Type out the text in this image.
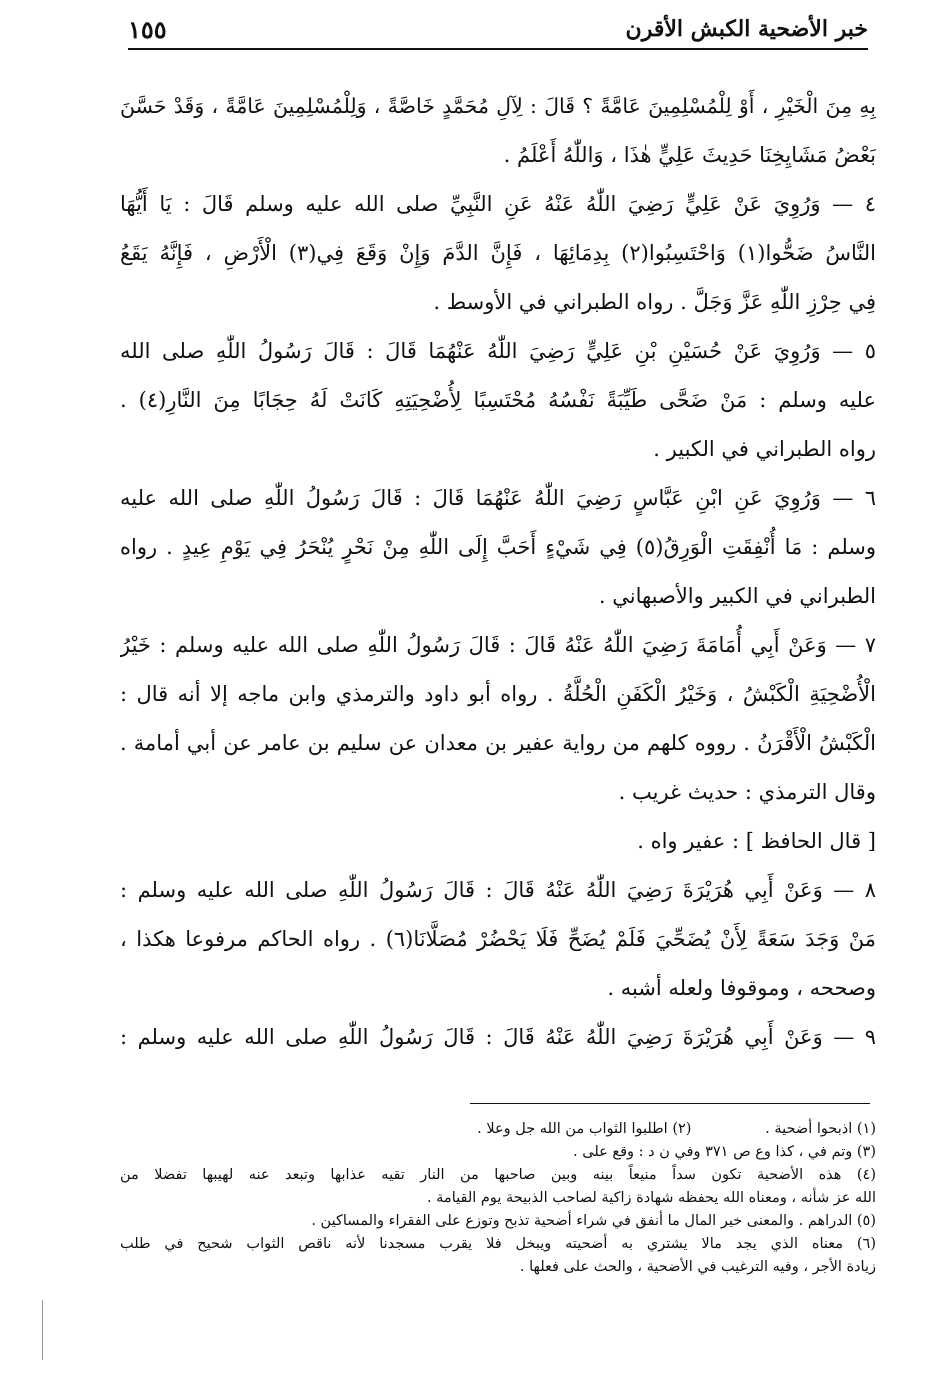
خبر الأضحية الكبش الأقرن
١٥٥
بِهِ مِنَ الْخَيْرِ ، أَوْ لِلْمُسْلِمِينَ عَامَّةً ؟ قَالَ : لِآلِ مُحَمَّدٍ خَاصَّةً ، وَلِلْمُسْلِمِينَ عَامَّةً ، وَقَدْ حَسَّنَ
بَعْضُ مَشَايِخِنَا حَدِيثَ عَلِيٍّ هٰذَا ، وَاللّٰهُ أَعْلَمُ .
٤ — وَرُوِيَ عَنْ عَلِيٍّ رَضِيَ اللّٰهُ عَنْهُ عَنِ النَّبِيِّ صلى الله عليه وسلم قَالَ : يَا أَيُّهَا
النَّاسُ ضَحُّوا(١) وَاحْتَسِبُوا(٢) بِدِمَائِهَا ، فَإِنَّ الدَّمَ وَإِنْ وَقَعَ فِي(٣) الْأَرْضِ ، فَإِنَّهُ يَقَعُ
فِي حِرْزِ اللّٰهِ عَزَّ وَجَلَّ . رواه الطبراني في الأوسط .
٥ — وَرُوِيَ عَنْ حُسَيْنِ بْنِ عَلِيٍّ رَضِيَ اللّٰهُ عَنْهُمَا قَالَ : قَالَ رَسُولُ اللّٰهِ صلى الله
عليه وسلم : مَنْ ضَحَّى طَيِّبَةً نَفْسُهُ مُحْتَسِبًا لِأُضْحِيَتِهِ كَانَتْ لَهُ حِجَابًا مِنَ النَّارِ(٤) .
رواه الطبراني في الكبير .
٦ — وَرُوِيَ عَنِ ابْنِ عَبَّاسٍ رَضِيَ اللّٰهُ عَنْهُمَا قَالَ : قَالَ رَسُولُ اللّٰهِ صلى الله عليه
وسلم : مَا أُنْفِقَتِ الْوَرِقُ(٥) فِي شَيْءٍ أَحَبَّ إِلَى اللّٰهِ مِنْ نَحْرٍ يُنْحَرُ فِي يَوْمِ عِيدٍ . رواه
الطبراني في الكبير والأصبهاني .
٧ — وَعَنْ أَبِي أُمَامَةَ رَضِيَ اللّٰهُ عَنْهُ قَالَ : قَالَ رَسُولُ اللّٰهِ صلى الله عليه وسلم : خَيْرُ
الْأُضْحِيَةِ الْكَبْشُ ، وَخَيْرُ الْكَفَنِ الْحُلَّةُ . رواه أبو داود والترمذي وابن ماجه إلا أنه قال :
الْكَبْشُ الْأَقْرَنُ . رووه كلهم من رواية عفير بن معدان عن سليم بن عامر عن أبي أمامة .
وقال الترمذي : حديث غريب .
[ قال الحافظ ] : عفير واه .
٨ — وَعَنْ أَبِي هُرَيْرَةَ رَضِيَ اللّٰهُ عَنْهُ قَالَ : قَالَ رَسُولُ اللّٰهِ صلى الله عليه وسلم :
مَنْ وَجَدَ سَعَةً لِأَنْ يُضَحِّيَ فَلَمْ يُضَحِّ فَلَا يَحْضُرْ مُصَلَّانَا(٦) . رواه الحاكم مرفوعا هكذا ،
وصححه ، وموقوفا ولعله أشبه .
٩ — وَعَنْ أَبِي هُرَيْرَةَ رَضِيَ اللّٰهُ عَنْهُ قَالَ : قَالَ رَسُولُ اللّٰهِ صلى الله عليه وسلم :
(١) اذبحوا أضحية .                (٢) اطلبوا الثواب من الله جل وعلا .
(٣) وتم في ، كذا وع ص ٣٧١ وفي ن د : وقع على .
(٤) هذه الأضحية تكون سداً منيعاً بينه وبين صاحبها من النار تقيه عذابها وتبعد عنه لهيبها تفضلا من
الله عز شأنه ، ومعناه الله يحفظه شهادة زاكية لصاحب الذبيحة يوم القيامة .
(٥) الدراهم . والمعنى خير المال ما أنفق في شراء أضحية تذبح وتوزع على الفقراء والمساكين .
(٦) معناه الذي يجد مالا يشتري به أضحيته ويبخل فلا يقرب مسجدنا لأنه ناقص الثواب شحيح في طلب
زيادة الأجر ، وفيه الترغيب في الأضحية ، والحث على فعلها .
